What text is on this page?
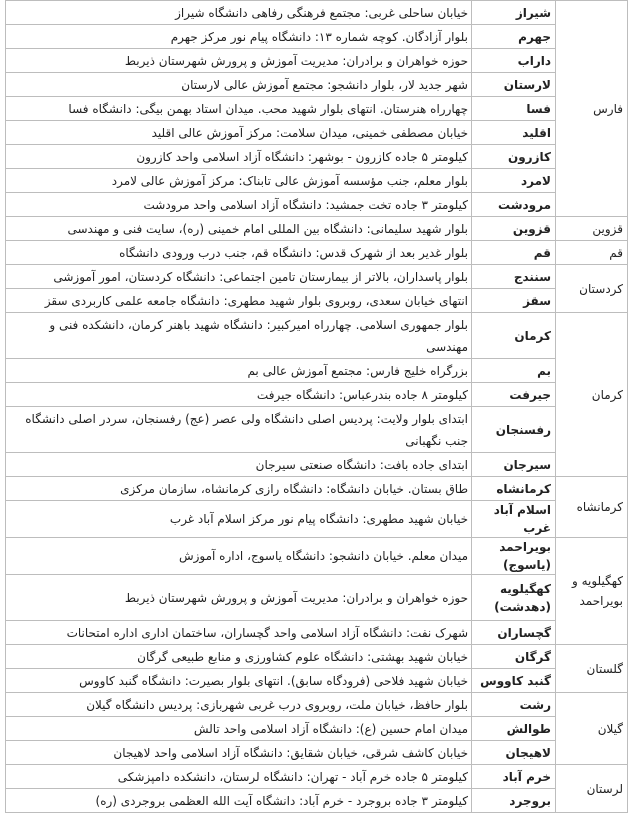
فارس	شیراز	خیابان ساحلی غربی: مجتمع فرهنگی رفاهی دانشگاه شیراز
	جهرم	بلوار آزادگان. کوچه شماره ۱۳: دانشگاه پیام نور مرکز جهرم
	داراب	حوزه خواهران و برادران: مدیریت آموزش و پرورش شهرستان ذیربط
	لارستان	شهر جدید لار، بلوار دانشجو: مجتمع آموزش عالی لارستان
	فسا	چهارراه هنرستان. انتهای بلوار شهید محب. میدان استاد بهمن بیگی: دانشگاه فسا
	اقلید	خیابان مصطفی خمینی، میدان سلامت: مرکز آموزش عالی اقلید
	کازرون	کیلومتر ۵ جاده کازرون - بوشهر: دانشگاه آزاد اسلامی واحد کازرون
	لامرد	بلوار معلم، جنب مؤسسه آموزش عالی تابناک: مرکز آموزش عالی لامرد
	مرودشت	کیلومتر ۳ جاده تخت جمشید: دانشگاه آزاد اسلامی واحد مرودشت
قزوین	قزوین	بلوار شهید سلیمانی: دانشگاه بین المللی امام خمینی (ره)، سایت فنی و مهندسی
قم	قم	بلوار غدیر بعد از شهرک قدس: دانشگاه قم، جنب درب ورودی دانشگاه
کردستان	سنندج	بلوار پاسداران، بالاتر از بیمارستان تامین اجتماعی: دانشگاه کردستان، امور آموزشی
	سقز	انتهای خیابان سعدی، روبروی بلوار شهید مطهری: دانشگاه جامعه علمی کاربردی سقز
کرمان	کرمان	بلوار جمهوری اسلامی. چهارراه امیرکبیر: دانشگاه شهید باهنر کرمان، دانشکده فنی و مهندسی
	بم	بزرگراه خلیج فارس: مجتمع آموزش عالی بم
	جیرفت	کیلومتر ۸ جاده بندرعباس: دانشگاه جیرفت
	رفسنجان	ابتدای بلوار ولایت: پردیس اصلی دانشگاه ولی عصر (عج) رفسنجان، سردر اصلی دانشگاه جنب نگهبانی
	سیرجان	ابتدای جاده بافت: دانشگاه صنعتی سیرجان
کرمانشاه	کرمانشاه	طاق بستان. خیابان دانشگاه: دانشگاه رازی کرمانشاه، سازمان مرکزی
	اسلام آباد غرب	خیابان شهید مطهری: دانشگاه پیام نور مرکز اسلام آباد غرب
کهگیلویه و بویراحمد	بویراحمد (یاسوج)	میدان معلم. خیابان دانشجو: دانشگاه یاسوج، اداره آموزش
	کهگیلویه (دهدشت)	حوزه خواهران و برادران: مدیریت آموزش و پرورش شهرستان ذیربط
	گچساران	شهرک نفت: دانشگاه آزاد اسلامی واحد گچساران، ساختمان اداری اداره امتحانات
گلستان	گرگان	خیابان شهید بهشتی: دانشگاه علوم کشاورزی و منابع طبیعی گرگان
	گنبد کاووس	خیابان شهید فلاحی (فرودگاه سابق). انتهای بلوار بصیرت: دانشگاه گنبد کاووس
گیلان	رشت	بلوار حافظ، خیابان ملت، روبروی درب غربی شهربازی: پردیس دانشگاه گیلان
	طوالش	میدان امام حسین (ع): دانشگاه آزاد اسلامی واحد تالش
	لاهیجان	خیابان کاشف شرقی، خیابان شقایق: دانشگاه آزاد اسلامی واحد لاهیجان
لرستان	خرم آباد	کیلومتر ۵ جاده خرم آباد - تهران: دانشگاه لرستان، دانشکده دامپزشکی
	بروجرد	کیلومتر ۳ جاده بروجرد - خرم آباد: دانشگاه آیت الله العظمی بروجردی (ره)
